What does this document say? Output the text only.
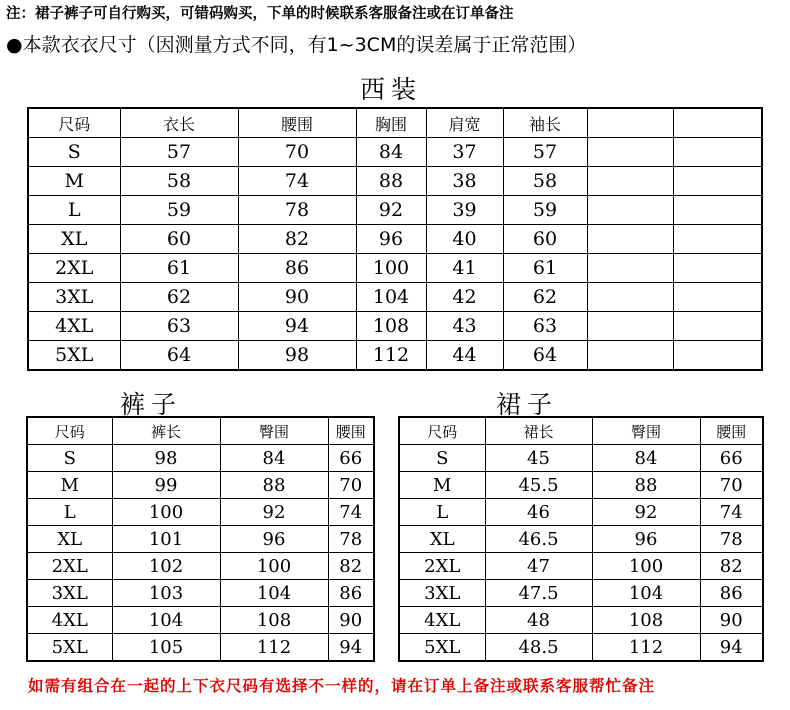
注：裙子裤子可自行购买，可错码购买，下单的时候联系客服备注或在订单备注
●本款衣衣尺寸（因测量方式不同，有1~3CM的误差属于正常范围）
西装
尺码	衣长	腰围	胸围	肩宽	袖长		
S	57	70	84	37	57		
M	58	74	88	38	58		
L	59	78	92	39	59		
XL	60	82	96	40	60		
2XL	61	86	100	41	61		
3XL	62	90	104	42	62		
4XL	63	94	108	43	63		
5XL	64	98	112	44	64		
裤子
尺码	裤长	臀围	腰围
S	98	84	66
M	99	88	70
L	100	92	74
XL	101	96	78
2XL	102	100	82
3XL	103	104	86
4XL	104	108	90
5XL	105	112	94
裙子
尺码	裙长	臀围	腰围
S	45	84	66
M	45.5	88	70
L	46	92	74
XL	46.5	96	78
2XL	47	100	82
3XL	47.5	104	86
4XL	48	108	90
5XL	48.5	112	94
如需有组合在一起的上下衣尺码有选择不一样的，请在订单上备注或联系客服帮忙备注
